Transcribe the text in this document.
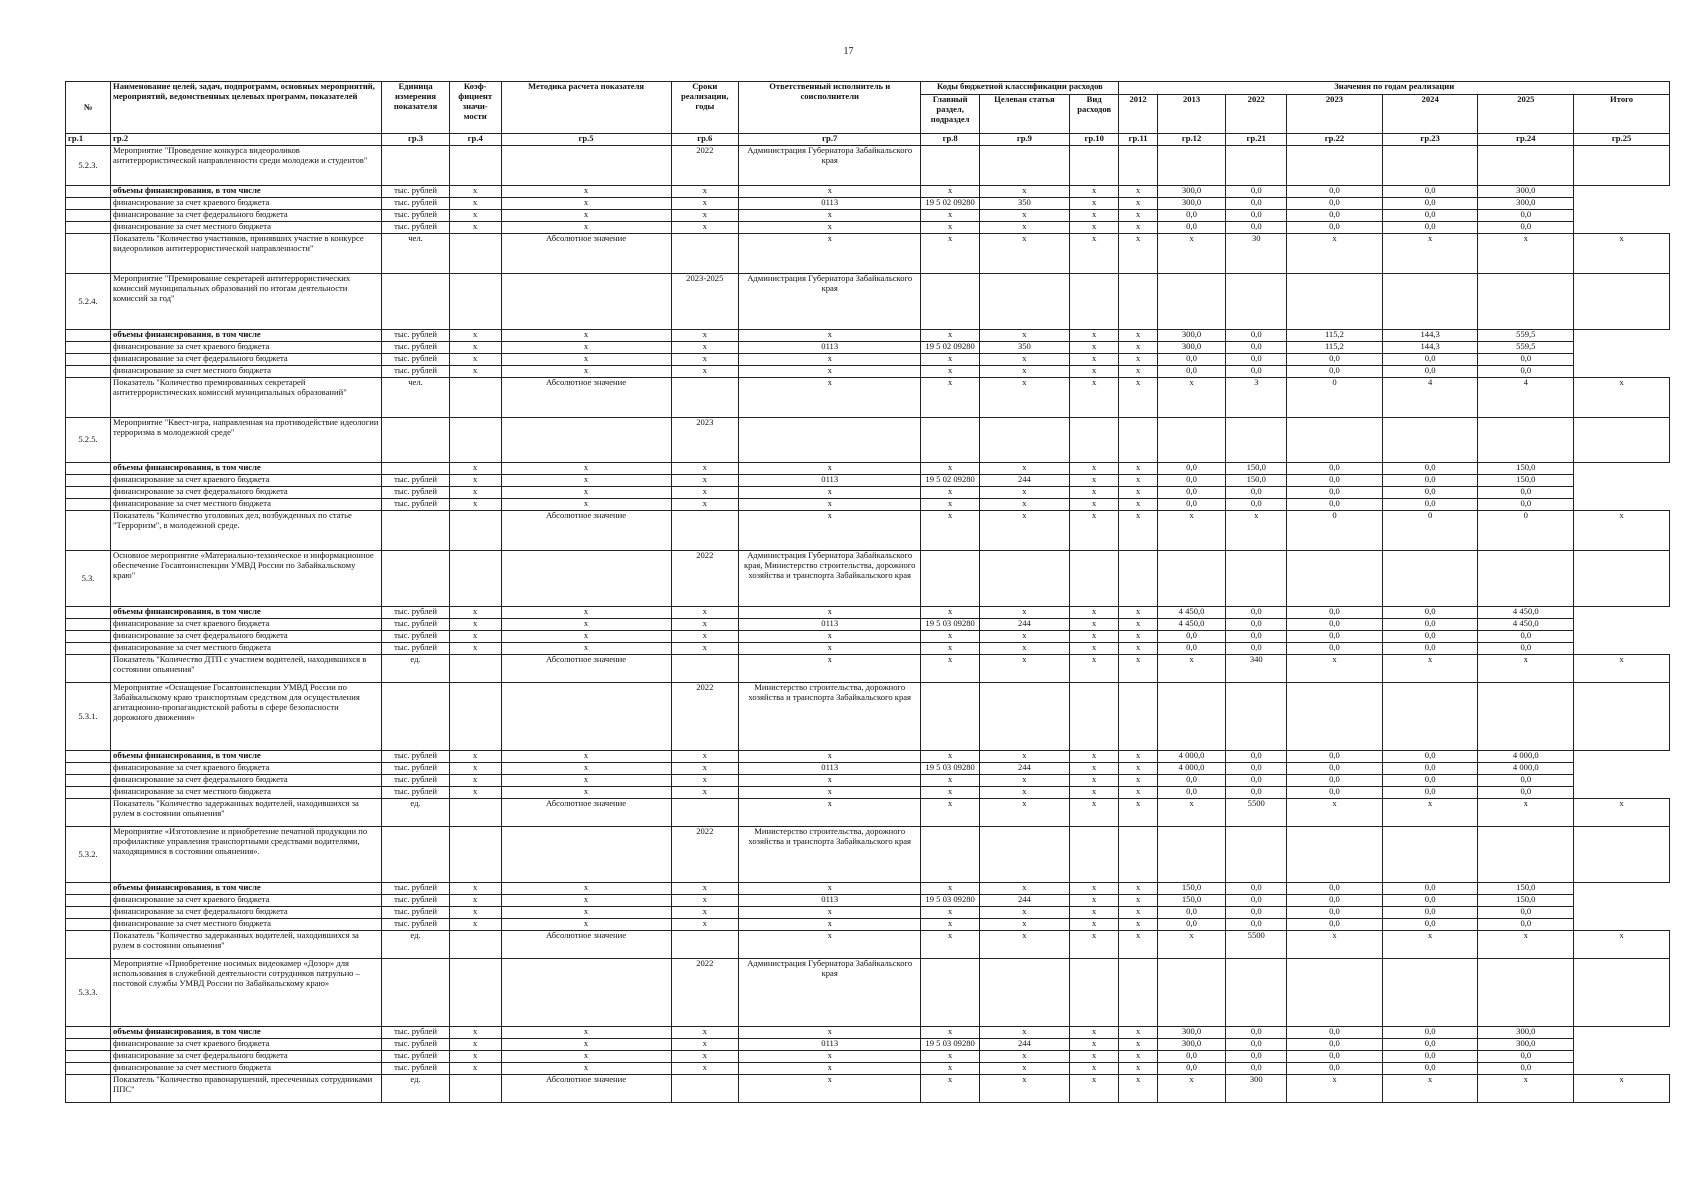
17
№	Наименование целей, задач, подпрограмм, основных мероприятий, мероприятий, ведомственных целевых программ, показателей	Единица измерения показателя	Коэф-фициент значи-мости	Методика расчета показателя	Сроки реализации, годы	Ответственный исполнитель и соисполнители	Коды бюджетной классификации расходов			Значения по годам реализации						
							Главный раздел, подраздел	Целевая статья	Вид расходов	2012	2013	2022	2023	2024	2025	Итого
гр.1	гр.2	гр.3	гр.4	гр.5	гр.6	гр.7	гр.8	гр.9	гр.10	гр.11	гр.12	гр.21	гр.22	гр.23	гр.24	гр.25
5.2.3.	Мероприятие "Проведение конкурса видеороликов антитеррористической направленности среди молодежи и студентов"				2022	Администрация Губернатора Забайкальского края										
	объемы финансирования, в том числе	тыс. рублей	x	x	x	x	x	x	x	x	300,0	0,0	0,0	0,0	300,0	
	финансирование за счет краевого бюджета	тыс. рублей	x	x	x	0113	19 5 02 09280	350	x	x	300,0	0,0	0,0	0,0	300,0	
	финансирование за счет федерального бюджета	тыс. рублей	x	x	x	x	x	x	x	x	0,0	0,0	0,0	0,0	0,0	
	финансирование за счет местного бюджета	тыс. рублей	x	x	x	x	x	x	x	x	0,0	0,0	0,0	0,0	0,0	
	Показатель "Количество участников, принявших участие в конкурсе видеороликов антитеррористической направленности"	чел.		Абсолютное значение		x	x	x	x	x	x	30	x	x	x	x
5.2.4.	Мероприятие "Премирование секретарей антитеррористических комиссий муниципальных образований по итогам деятельности комиссий за год"				2023-2025	Администрация Губернатора Забайкальского края										
	объемы финансирования, в том числе	тыс. рублей	x	x	x	x	x	x	x	x	300,0	0,0	115,2	144,3	559,5	
	финансирование за счет краевого бюджета	тыс. рублей	x	x	x	0113	19 5 02 09280	350	x	x	300,0	0,0	115,2	144,3	559,5	
	финансирование за счет федерального бюджета	тыс. рублей	x	x	x	x	x	x	x	x	0,0	0,0	0,0	0,0	0,0	
	финансирование за счет местного бюджета	тыс. рублей	x	x	x	x	x	x	x	x	0,0	0,0	0,0	0,0	0,0	
	Показатель "Количество премированных секретарей антитеррористических комиссий муниципальных образований"	чел.		Абсолютное значение		x	x	x	x	x	x	3	0	4	4	x
5.2.5.	Мероприятие "Квест-игра, направленная на противодействие идеологии терроризма в молодежной среде"				2023											
	объемы финансирования, в том числе		x	x	x	x	x	x	x	x	0,0	150,0	0,0	0,0	150,0	
	финансирование за счет краевого бюджета	тыс. рублей	x	x	x	0113	19 5 02 09280	244	x	x	0,0	150,0	0,0	0,0	150,0	
	финансирование за счет федерального бюджета	тыс. рублей	x	x	x	x	x	x	x	x	0,0	0,0	0,0	0,0	0,0	
	финансирование за счет местного бюджета	тыс. рублей	x	x	x	x	x	x	x	x	0,0	0,0	0,0	0,0	0,0	
	Показатель "Количество уголовных дел, возбужденных по статье "Терроризм", в молодежной среде.			Абсолютное значение		x	x	x	x	x	x	x	0	0	0	x
5.3.	Основное мероприятие «Материально-техническое и информационное обеспечение Госавтоинспекции УМВД России по Забайкальскому краю"				2022	Администрация Губернатора Забайкальского края, Министерство строительства, дорожного хозяйства и транспорта Забайкальского края										
	объемы финансирования, в том числе	тыс. рублей	x	x	x	x	x	x	x	x	4 450,0	0,0	0,0	0,0	4 450,0	
	финансирование за счет краевого бюджета	тыс. рублей	x	x	x	0113	19 5 03 09280	244	x	x	4 450,0	0,0	0,0	0,0	4 450,0	
	финансирование за счет федерального бюджета	тыс. рублей	x	x	x	x	x	x	x	x	0,0	0,0	0,0	0,0	0,0	
	финансирование за счет местного бюджета	тыс. рублей	x	x	x	x	x	x	x	x	0,0	0,0	0,0	0,0	0,0	
	Показатель "Количество ДТП с участием водителей, находившихся в состоянии опьянения"	ед.		Абсолютное значение		x	x	x	x	x	x	340	x	x	x	x
5.3.1.	Мероприятие «Оснащение Госавтоинспекции УМВД России по Забайкальскому краю транспортным средством для осуществления агитационно-пропагандистской работы в сфере безопасности дорожного движения»				2022	Министерство строительства, дорожного хозяйства и транспорта Забайкальского края										
	объемы финансирования, в том числе	тыс. рублей	x	x	x	x	x	x	x	x	4 000,0	0,0	0,0	0,0	4 000,0	
	финансирование за счет краевого бюджета	тыс. рублей	x	x	x	0113	19 5 03 09280	244	x	x	4 000,0	0,0	0,0	0,0	4 000,0	
	финансирование за счет федерального бюджета	тыс. рублей	x	x	x	x	x	x	x	x	0,0	0,0	0,0	0,0	0,0	
	финансирование за счет местного бюджета	тыс. рублей	x	x	x	x	x	x	x	x	0,0	0,0	0,0	0,0	0,0	
	Показатель "Количество задержанных водителей, находившихся за рулем в состоянии опьянения"	ед.		Абсолютное значение		x	x	x	x	x	x	5500	x	x	x	x
5.3.2.	Мероприятие «Изготовление и приобретение печатной продукции по профилактике управления транспортными средствами водителями, находящимися в состоянии опьянения».				2022	Министерство строительства, дорожного хозяйства и транспорта Забайкальского края										
	объемы финансирования, в том числе	тыс. рублей	x	x	x	x	x	x	x	x	150,0	0,0	0,0	0,0	150,0	
	финансирование за счет краевого бюджета	тыс. рублей	x	x	x	0113	19 5 03 09280	244	x	x	150,0	0,0	0,0	0,0	150,0	
	финансирование за счет федерального бюджета	тыс. рублей	x	x	x	x	x	x	x	x	0,0	0,0	0,0	0,0	0,0	
	финансирование за счет местного бюджета	тыс. рублей	x	x	x	x	x	x	x	x	0,0	0,0	0,0	0,0	0,0	
	Показатель "Количество задержанных водителей, находившихся за рулем в состоянии опьянения"	ед.		Абсолютное значение		x	x	x	x	x	x	5500	x	x	x	x
5.3.3.	Мероприятие «Приобретение носимых видеокамер «Дозор» для использования в служебной деятельности сотрудников патрульно – постовой службы УМВД России по Забайкальскому краю»				2022	Администрация Губернатора Забайкальского края										
	объемы финансирования, в том числе	тыс. рублей	x	x	x	x	x	x	x	x	300,0	0,0	0,0	0,0	300,0	
	финансирование за счет краевого бюджета	тыс. рублей	x	x	x	0113	19 5 03 09280	244	x	x	300,0	0,0	0,0	0,0	300,0	
	финансирование за счет федерального бюджета	тыс. рублей	x	x	x	x	x	x	x	x	0,0	0,0	0,0	0,0	0,0	
	финансирование за счет местного бюджета	тыс. рублей	x	x	x	x	x	x	x	x	0,0	0,0	0,0	0,0	0,0	
	Показатель "Количество правонарушений, пресеченных сотрудниками ППС"	ед.		Абсолютное значение		x	x	x	x	x	x	300	x	x	x	x
